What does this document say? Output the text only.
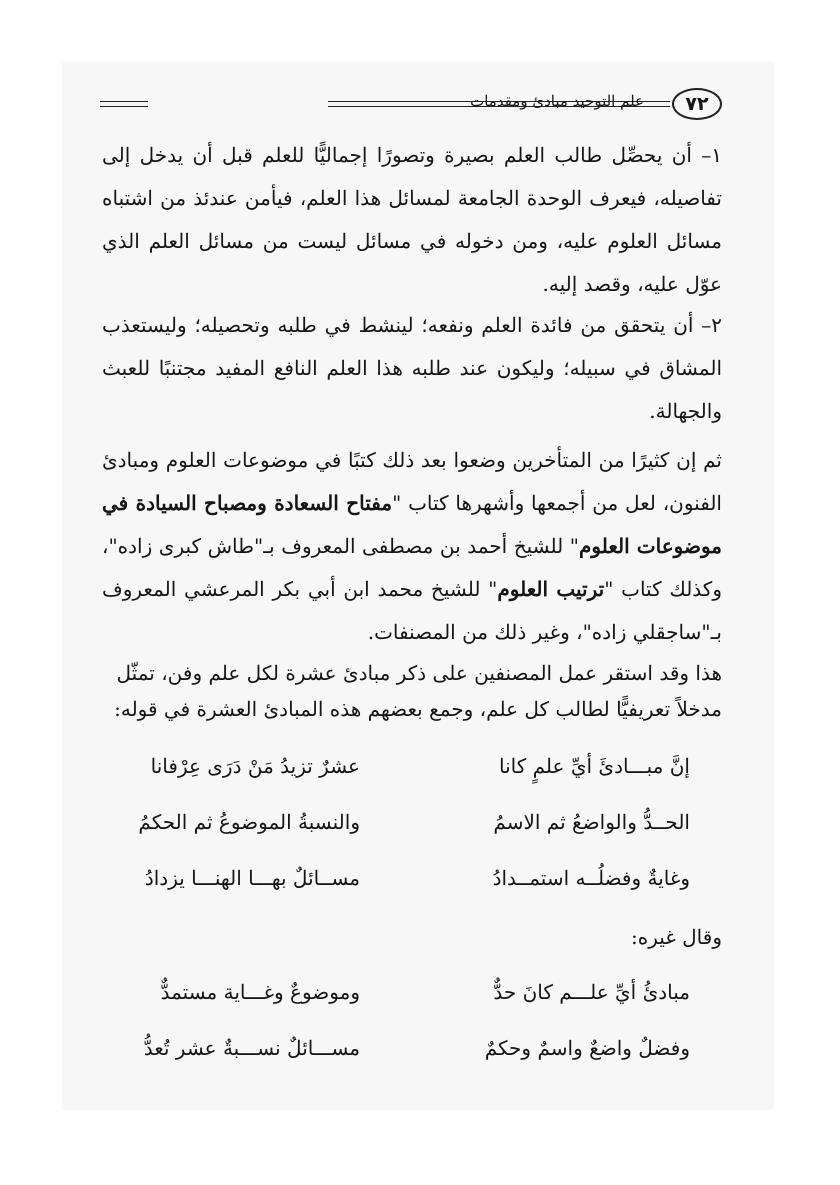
علم التوحيد مبادئ ومقدمات	٧٢
١– أن يحصِّل طالب العلم بصيرة وتصورًا إجماليًّا للعلم قبل أن يدخل إلى تفاصيله، فيعرف الوحدة الجامعة لمسائل هذا العلم، فيأمن عندئذ من اشتباه مسائل العلوم عليه، ومن دخوله في مسائل ليست من مسائل العلم الذي عوّل عليه، وقصد إليه.
٢– أن يتحقق من فائدة العلم ونفعه؛ لينشط في طلبه وتحصيله؛ وليستعذب المشاق في سبيله؛ وليكون عند طلبه هذا العلم النافع المفيد مجتنبًا للعبث والجهالة.
ثم إن كثيرًا من المتأخرين وضعوا بعد ذلك كتبًا في موضوعات العلوم ومبادئ الفنون، لعل من أجمعها وأشهرها كتاب "مفتاح السعادة ومصباح السيادة في موضوعات العلوم" للشيخ أحمد بن مصطفى المعروف بـ"طاش كبرى زاده"، وكذلك كتاب "ترتيب العلوم" للشيخ محمد ابن أبي بكر المرعشي المعروف بـ"ساجقلي زاده"، وغير ذلك من المصنفات.
هذا وقد استقر عمل المصنفين على ذكر مبادئ عشرة لكل علم وفن، تمثّل
مدخلاً تعريفيًّا لطالب كل علم، وجمع بعضهم هذه المبادئ العشرة في قوله:
إنَّ مبـــادئَ أيِّ علمٍ كانا
عشرٌ تزيدُ مَنْ دَرَى عِرْفانا
الحــدُّ والواضعُ ثم الاسمُ
والنسبةُ الموضوعُ ثم الحكمُ
وغايةٌ وفضلُــه استمــدادُ
مســائلٌ بهـــا الهنـــا يزدادُ
وقال غيره:
مبادئُ أيِّ علـــم كانَ حدٌّ
وموضوعٌ وغـــاية مستمدٌّ
وفضلٌ واضعٌ واسمٌ وحكمٌ
مســـائلٌ نســـبةٌ عشر تُعدُّ
